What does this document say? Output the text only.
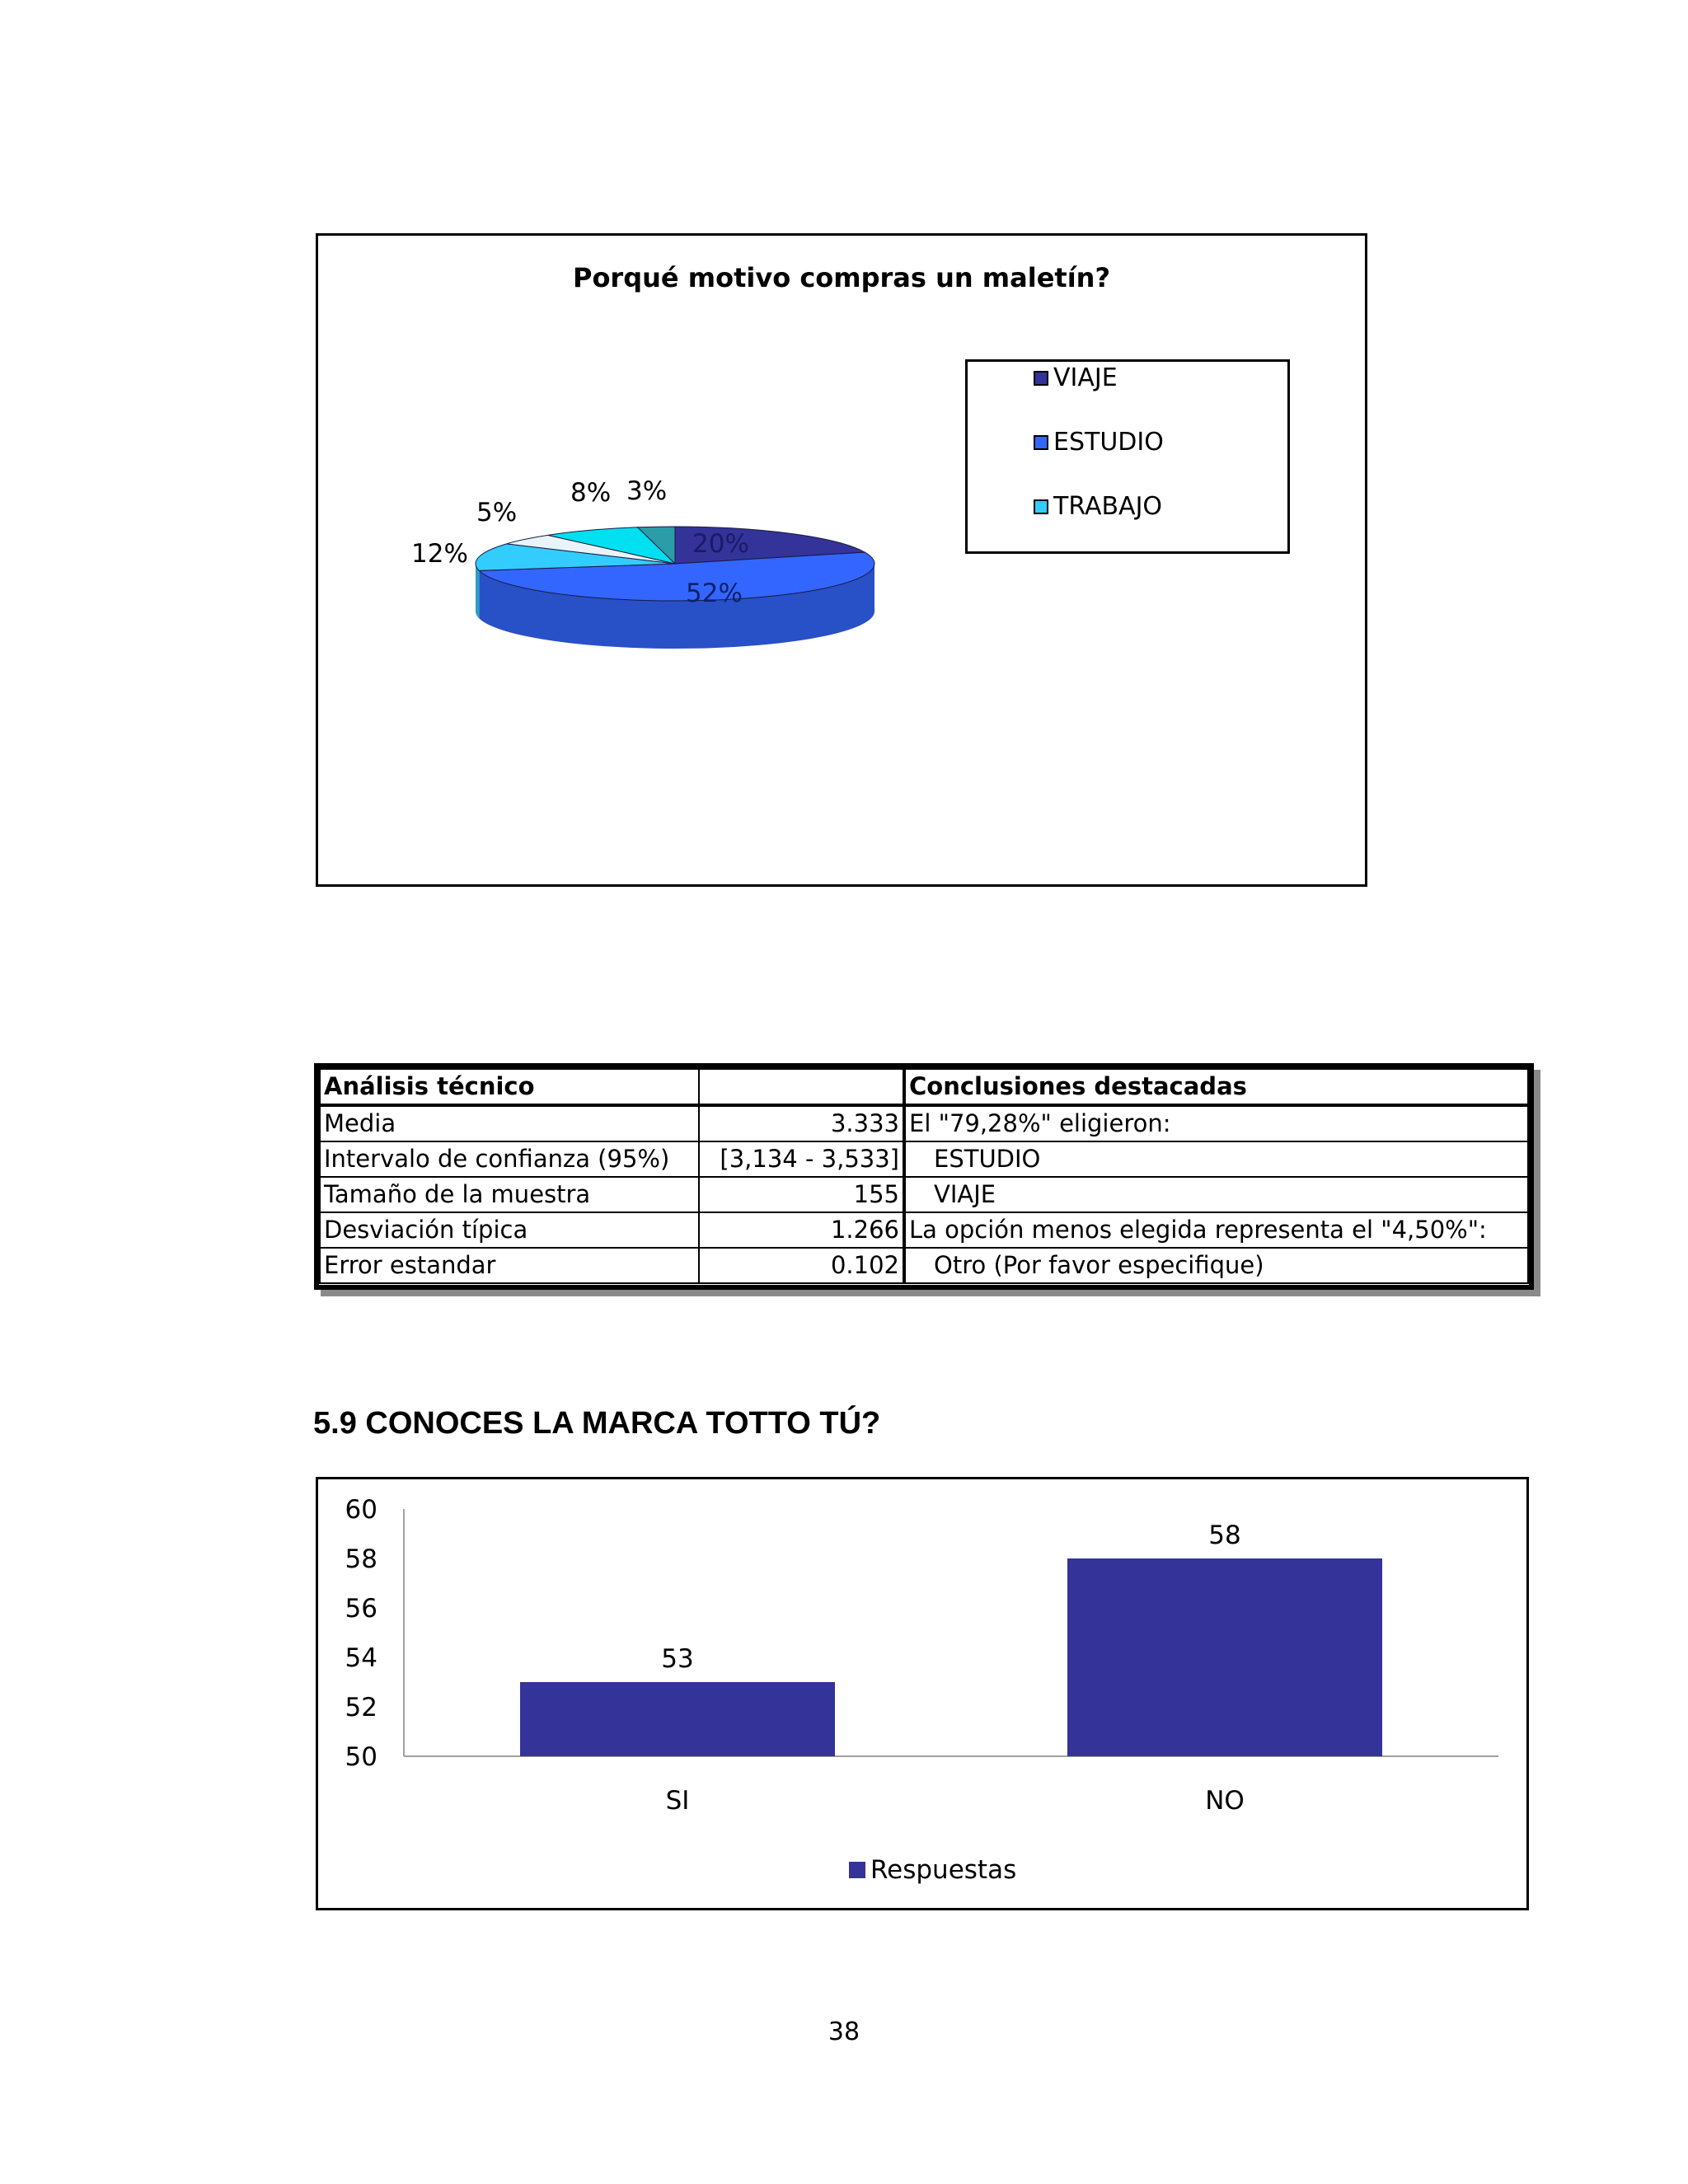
Porqué motivo compras un maletín?
12%
5%
8% 3%
20%
52%
VIAJE
ESTUDIO
TRABAJO
Análisis técnico		Conclusiones destacadas
Media	3.333	El "79,28%" eligieron:
Intervalo de confianza (95%)	[3,134 - 3,533]	ESTUDIO
Tamaño de la muestra	155	VIAJE
Desviación típica	1.266	La opción menos elegida representa el "4,50%":
Error estandar	0.102	Otro (Por favor especifique)
5.9 CONOCES LA MARCA TOTTO TÚ?
60
58
56
54
52
50
53
SI
58
NO
Respuestas
38
